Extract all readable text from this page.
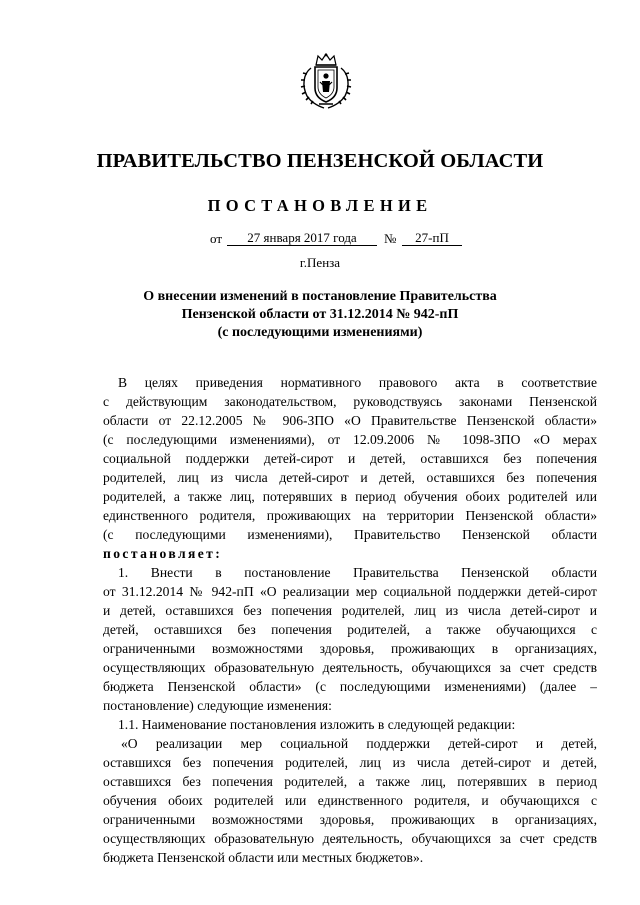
ПРАВИТЕЛЬСТВО ПЕНЗЕНСКОЙ ОБЛАСТИ
ПОСТАНОВЛЕНИЕ
от	27 января 2017 года	№	27-пП
г.Пенза
О внесении изменений в постановление Правительства
Пензенской области от 31.12.2014 № 942-пП
(с последующими изменениями)
В целях приведения нормативного правового акта в соответствие
с действующим законодательством, руководствуясь законами Пензенской
области от 22.12.2005 № 906-ЗПО «О Правительстве Пензенской области»
(с последующими изменениями), от 12.09.2006 № 1098-ЗПО «О мерах
социальной поддержки детей-сирот и детей, оставшихся без попечения
родителей, лиц из числа детей-сирот и детей, оставшихся без попечения
родителей, а также лиц, потерявших в период обучения обоих родителей или
единственного родителя, проживающих на территории Пензенской области»
(с последующими изменениями), Правительство Пензенской области
постановляет:
1. Внести в постановление Правительства Пензенской области
от 31.12.2014 № 942-пП «О реализации мер социальной поддержки детей-сирот
и детей, оставшихся без попечения родителей, лиц из числа детей-сирот и
детей, оставшихся без попечения родителей, а также обучающихся с
ограниченными возможностями здоровья, проживающих в организациях,
осуществляющих образовательную деятельность, обучающихся за счет средств
бюджета Пензенской области» (с последующими изменениями) (далее –
постановление) следующие изменения:
1.1. Наименование постановления изложить в следующей редакции:
«О реализации мер социальной поддержки детей-сирот и детей,
оставшихся без попечения родителей, лиц из числа детей-сирот и детей,
оставшихся без попечения родителей, а также лиц, потерявших в период
обучения обоих родителей или единственного родителя, и обучающихся с
ограниченными возможностями здоровья, проживающих в организациях,
осуществляющих образовательную деятельность, обучающихся за счет средств
бюджета Пензенской области или местных бюджетов».
